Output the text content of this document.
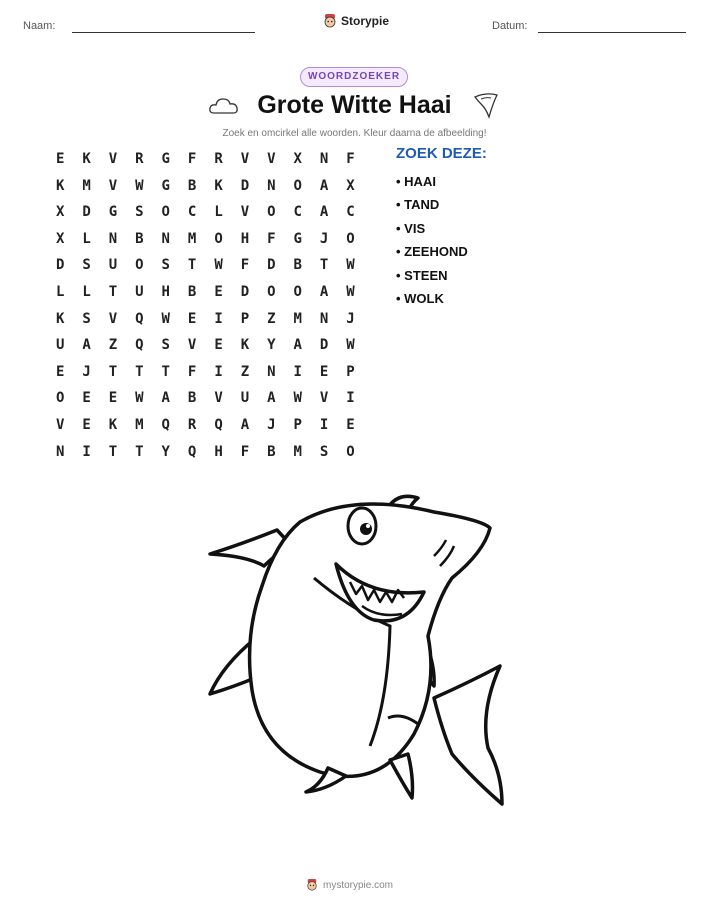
Naam:	Storypie	Datum:
WOORDZOEKER
Grote Witte Haai
Zoek en omcirkel alle woorden. Kleur daarna de afbeelding!
E	K	V	R	G	F	R	V	V	X	N	F
K	M	V	W	G	B	K	D	N	O	A	X
X	D	G	S	O	C	L	V	O	C	A	C
X	L	N	B	N	M	O	H	F	G	J	O
D	S	U	O	S	T	W	F	D	B	T	W
L	L	T	U	H	B	E	D	O	O	A	W
K	S	V	Q	W	E	I	P	Z	M	N	J
U	A	Z	Q	S	V	E	K	Y	A	D	W
E	J	T	T	T	F	I	Z	N	I	E	P
O	E	E	W	A	B	V	U	A	W	V	I
V	E	K	M	Q	R	Q	A	J	P	I	E
N	I	T	T	Y	Q	H	F	B	M	S	O
ZOEK DEZE:
• HAAI
• TAND
• VIS
• ZEEHOND
• STEEN
• WOLK
mystorypie.com
